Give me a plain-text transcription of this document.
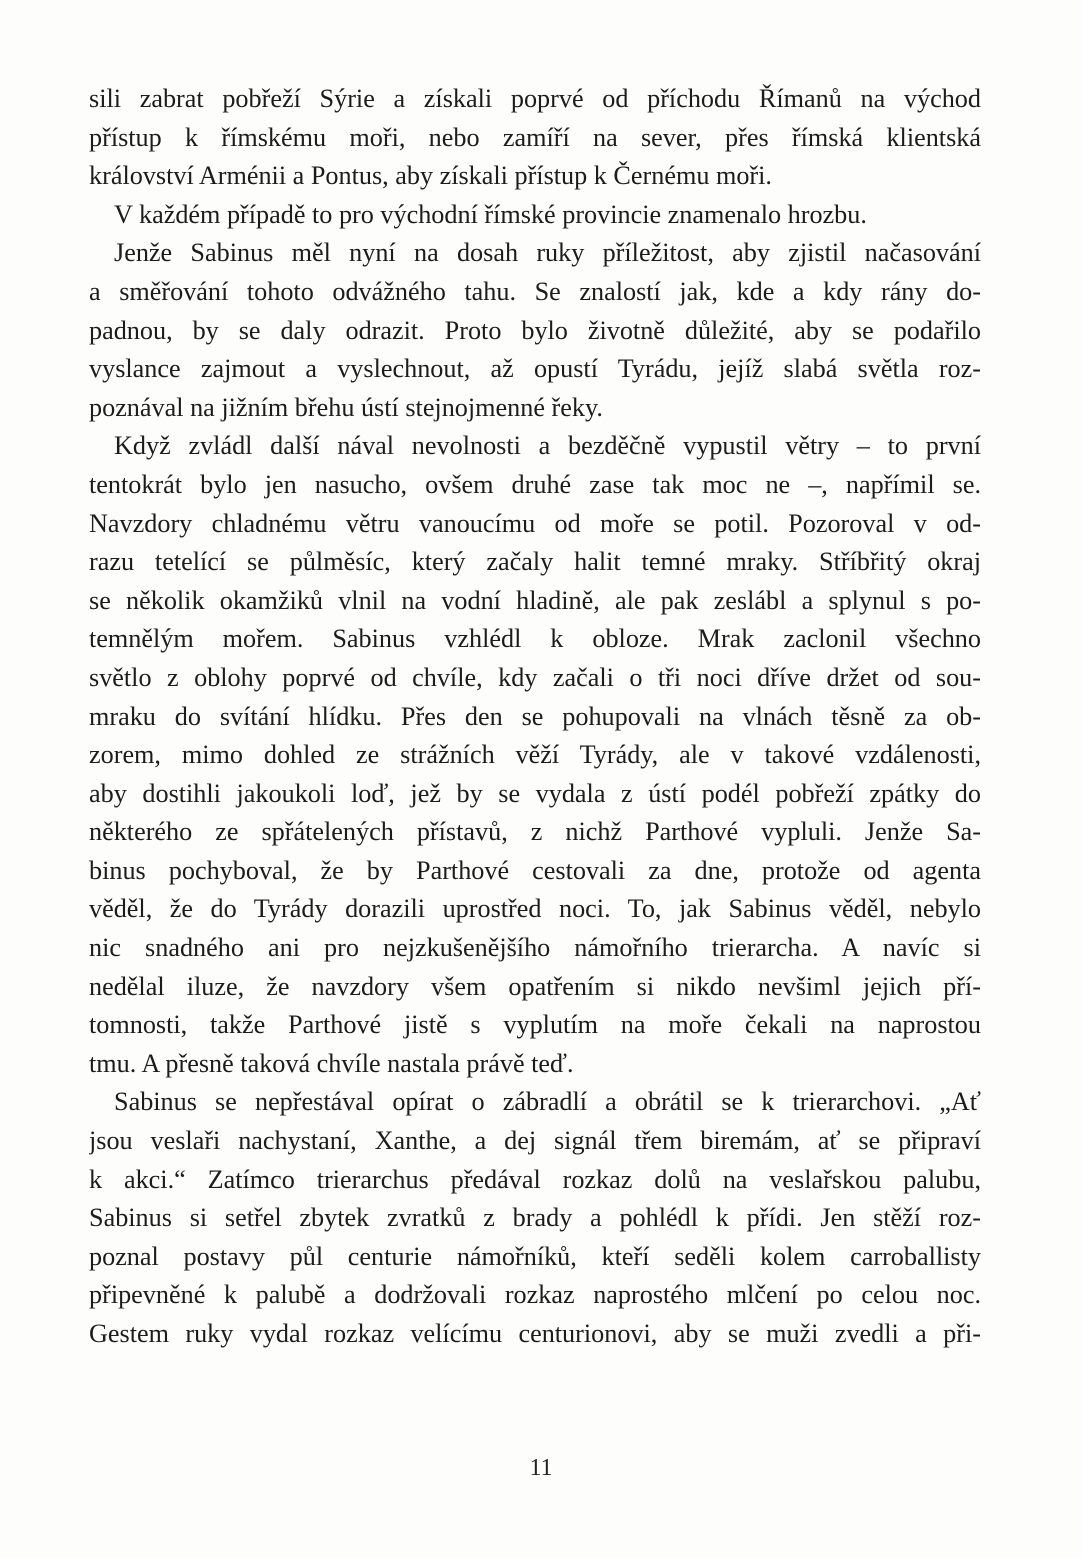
sili zabrat pobřeží Sýrie a získali poprvé od příchodu Římanů na východ
přístup k římskému moři, nebo zamíří na sever, přes římská klientská
království Arménii a Pontus, aby získali přístup k Černému moři.
V každém případě to pro východní římské provincie znamenalo hrozbu.
Jenže Sabinus měl nyní na dosah ruky příležitost, aby zjistil načasování
a směřování tohoto odvážného tahu. Se znalostí jak, kde a kdy rány do-
padnou, by se daly odrazit. Proto bylo životně důležité, aby se podařilo
vyslance zajmout a vyslechnout, až opustí Tyrádu, jejíž slabá světla roz-
poznával na jižním břehu ústí stejnojmenné řeky.
Když zvládl další nával nevolnosti a bezděčně vypustil větry – to první
tentokrát bylo jen nasucho, ovšem druhé zase tak moc ne –, napřímil se.
Navzdory chladnému větru vanoucímu od moře se potil. Pozoroval v od-
razu tetelící se půlměsíc, který začaly halit temné mraky. Stříbřitý okraj
se několik okamžiků vlnil na vodní hladině, ale pak zeslábl a splynul s po-
temnělým mořem. Sabinus vzhlédl k obloze. Mrak zaclonil všechno
světlo z oblohy poprvé od chvíle, kdy začali o tři noci dříve držet od sou-
mraku do svítání hlídku. Přes den se pohupovali na vlnách těsně za ob-
zorem, mimo dohled ze strážních věží Tyrády, ale v takové vzdálenosti,
aby dostihli jakoukoli loď, jež by se vydala z ústí podél pobřeží zpátky do
některého ze spřátelených přístavů, z nichž Parthové vypluli. Jenže Sa-
binus pochyboval, že by Parthové cestovali za dne, protože od agenta
věděl, že do Tyrády dorazili uprostřed noci. To, jak Sabinus věděl, nebylo
nic snadného ani pro nejzkušenějšího námořního trierarcha. A navíc si
nedělal iluze, že navzdory všem opatřením si nikdo nevšiml jejich pří-
tomnosti, takže Parthové jistě s vyplutím na moře čekali na naprostou
tmu. A přesně taková chvíle nastala právě teď.
Sabinus se nepřestával opírat o zábradlí a obrátil se k trierarchovi. „Ať
jsou veslaři nachystaní, Xanthe, a dej signál třem biremám, ať se připraví
k akci.“ Zatímco trierarchus předával rozkaz dolů na veslařskou palubu,
Sabinus si setřel zbytek zvratků z brady a pohlédl k přídi. Jen stěží roz-
poznal postavy půl centurie námořníků, kteří seděli kolem carroballisty
připevněné k palubě a dodržovali rozkaz naprostého mlčení po celou noc.
Gestem ruky vydal rozkaz velícímu centurionovi, aby se muži zvedli a při-
11
